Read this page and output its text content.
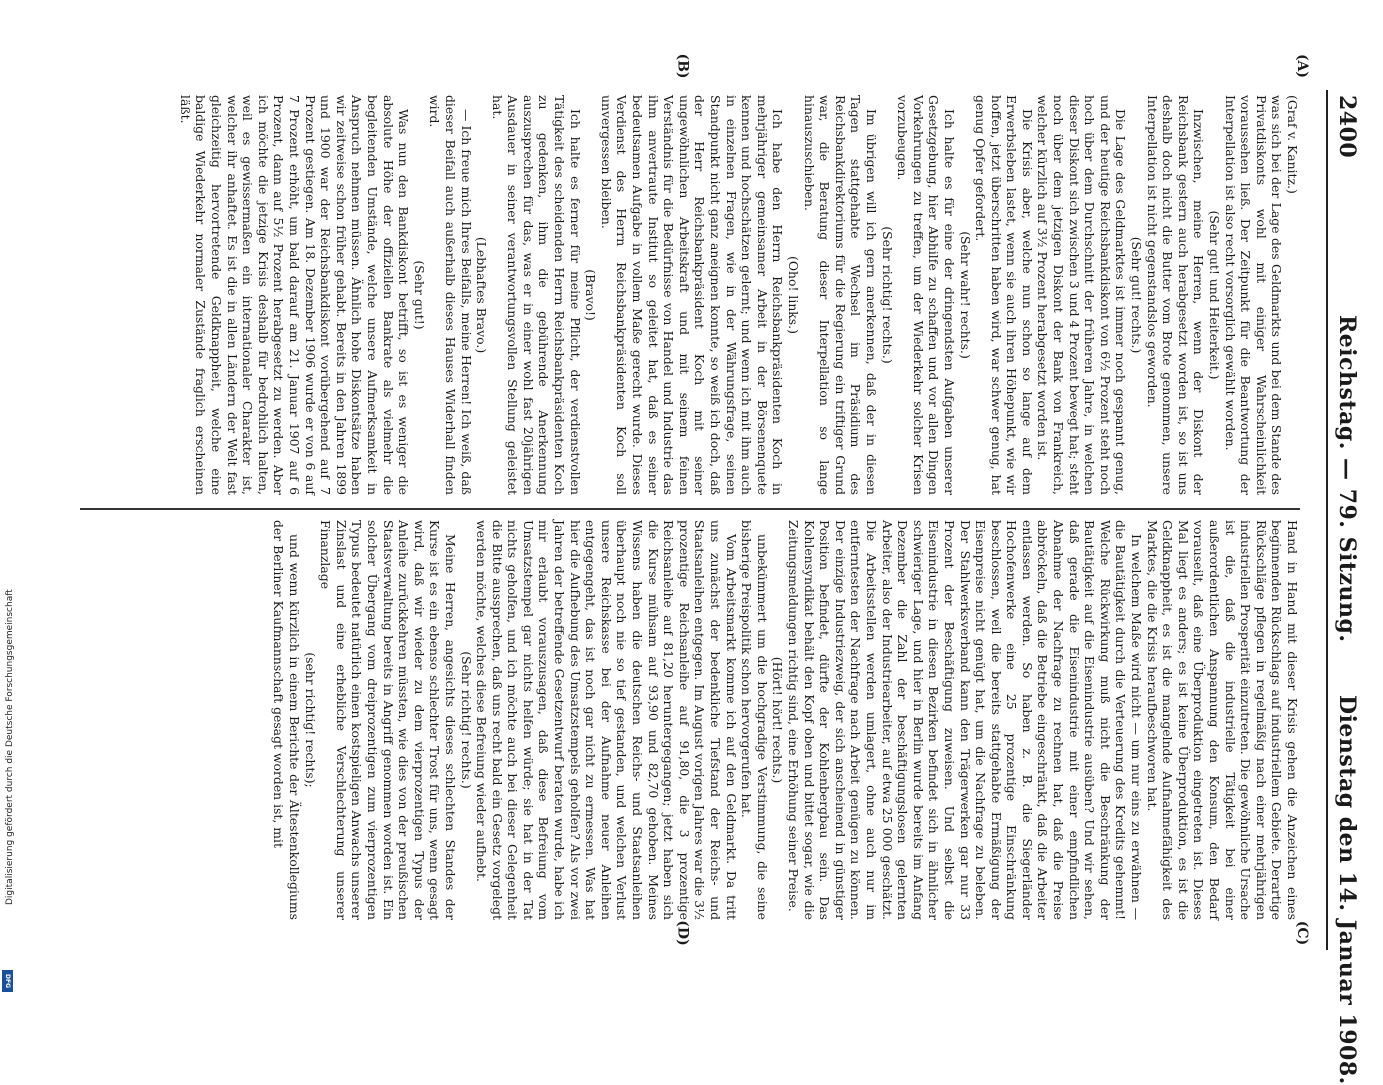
2400
Reichstag. — 79. Sitzung.
Dienstag den 14. Januar 1908.

(Graf v. Kanitz.)

was sich bei der Lage des Geldmarkts und bei dem Stande des Privatdiskonts wohl mit einiger Wahrscheinlichkeit voraussehen ließ. Der Zeitpunkt für die Beantwortung der Interpellation ist also recht vorsorglich gewählt worden.

(Sehr gut! und Heiterkeit.)

Inzwischen, meine Herren, wenn der Diskont der Reichsbank gestern auch herabgesetzt worden ist, so ist uns deshalb doch nicht die Butter vom Brote genommen, unsere Interpellation ist nicht gegenstandslos geworden.

(Sehr gut! rechts.)

Die Lage des Geldmarktes ist immer noch gespannt genug, und der heutige Reichsbankdiskont von 6½ Prozent steht noch hoch über dem Durchschnitt der früheren Jahre, in welchen dieser Diskont sich zwischen 3 und 4 Prozent bewegt hat; steht noch über dem jetzigen Diskont der Bank von Frankreich, welcher kürzlich auf 3½ Prozent herabgesetzt worden ist.

Die Krisis aber, welche nun schon so lange auf dem Erwerbsleben lastet, wenn sie auch ihren Höhepunkt, wie wir hoffen, jetzt überschritten haben wird, war schwer genug, hat genug Opfer gefordert.

(Sehr wahr! rechts.)

Ich halte es für eine der dringendsten Aufgaben unserer Gesetzgebung, hier Abhilfe zu schaffen und vor allen Dingen Vorkehrungen zu treffen, um der Wiederkehr solcher Krisen vorzubeugen.

(Sehr richtig! rechts.)

Im übrigen will ich gern anerkennen, daß der in diesen Tagen stattgehabte Wechsel im Präsidium des Reichsbankdirektoriums für die Regierung ein triftiger Grund war, die Beratung dieser Interpellation so lange hinauszuschieben.

(Oho! links.)

Ich habe den Herrn Reichsbankpräsidenten Koch in mehrjähriger gemeinsamer Arbeit in der Börsenenquete kennen und hochschätzen gelernt; und wenn ich mit ihm auch in einzelnen Fragen, wie in der Währungsfrage, seinen Standpunkt nicht ganz aneignen konnte, so weiß ich doch, daß der Herr Reichsbankpräsident Koch mit seiner ungewöhnlichen Arbeitskraft und mit seinem feinen Verständnis für die Bedürfnisse von Handel und Industrie das ihm anvertraute Institut so geleitet hat, daß es seiner bedeutsamen Aufgabe in vollem Maße gerecht wurde. Dieses Verdienst des Herrn Reichsbankpräsidenten Koch soll unvergessen bleiben.

(Bravo!)

Ich halte es ferner für meine Pflicht, der verdienstvollen Tätigkeit des scheidenden Herrn Reichsbankpräsidenten Koch zu gedenken, ihm die gebührende Anerkennung auszusprechen für das, was er in einer wohl fast 20jährigen Ausdauer in seiner verantwortungsvollen Stellung geleistet hat.

(Lebhaftes Bravo.)

— Ich freue mich Ihres Beifalls, meine Herren! Ich weiß, daß dieser Beifall auch außerhalb dieses Hauses Widerhall finden wird.

(Sehr gut!)

Was nun den Bankdiskont betrifft, so ist es weniger die absolute Höhe der offiziellen Bankrate als vielmehr die begleitenden Umstände, welche unsere Aufmerksamkeit in Anspruch nehmen müssen. Ähnlich hohe Diskontsätze haben wir zeitweise schon früher gehabt. Bereits in den Jahren 1899 und 1900 war der Reichsbankdiskont vorübergehend auf 7 Prozent gestiegen. Am 18. Dezember 1906 wurde er von 6 auf 7 Prozent erhöht, um bald darauf am 21. Januar 1907 auf 6 Prozent, dann auf 5½ Prozent herabgesetzt zu werden. Aber ich möchte die jetzige Krisis deshalb für bedrohlich halten, weil es gewissermaßen ein internationaler Charakter ist, welcher ihr anhaftet. Es ist die in allen Ländern der Welt fast gleichzeitig hervortretende Geldknappheit, welche eine baldige Wiederkehr normaler Zustände fraglich erscheinen läßt.

Hand in Hand mit dieser Krisis gehen die Anzeichen eines beginnenden Rückschlags auf industriellem Gebiete. Derartige Rückschläge pflegen in regelmäßig nach einer mehrjährigen industriellen Prosperität einzutreten. Die gewöhnliche Ursache ist die, daß die industrielle Tätigkeit bei einer außerordentlichen Anspannung den Konsum, den Bedarf vorauseilt, daß eine Überproduktion eingetreten ist. Dieses Mal liegt es anders; es ist keine Überproduktion, es ist die Geldknappheit, es ist die mangelnde Aufnahmefähigkeit des Marktes, die die Krisis heraufbeschworen hat.

In welchem Maße wird nicht — um nur eins zu erwähnen — die Bautätigkeit durch die Verteuerung des Kredits gehemmt! Welche Rückwirkung muß nicht die Beschränkung der Bautätigkeit auf die Eisenindustrie ausüben? Und wir sehen, daß gerade die Eisenindustrie mit einer empfindlichen Abnahme der Nachfrage zu rechnen hat, daß die Preise abbröckeln, daß die Betriebe eingeschränkt, daß die Arbeiter entlassen werden. So haben z. B. die Siegerländer Hochofenwerke eine 25 prozentige Einschränkung beschlossen, weil die bereits stattgehabte Ermäßigung der Eisenpreise nicht genügt hat, um die Nachfrage zu beleben. Der Stahlwerksverband kann den Trägerwerken gar nur 33 Prozent der Beschäftigung zuweisen. Und selbst die Eisenindustrie in diesen Bezirken befindet sich in ähnlicher schwieriger Lage, und hier in Berlin wurde bereits im Anfang Dezember die Zahl der beschäftigungslosen gelernten Arbeiter, also der Industriearbeiter, auf etwa 25 000 geschätzt. Die Arbeitsstellen werden umlagert, ohne auch nur im entferntesten der Nachfrage nach Arbeit genügen zu können. Der einzige Industriezweig, der sich anscheinend in günstiger Position befindet, dürfte der Kohlenbergbau sein. Das Kohlensyndikat behält den Kopf oben und bittet sogar, wie die Zeitungsmeldungen richtig sind, eine Erhöhung seiner Preise.

(Hört! hört! rechts.)

unbekümmert um die hochgradige Verstimmung, die seine bisherige Preispolitik schon hervorgerufen hat.

Vom Arbeitsmarkt komme ich auf den Geldmarkt. Da tritt uns zunächst der bedenkliche Tiefstand der Reichs- und Staatsanleihen entgegen. Im August vorigen Jahres war die 3½ prozentige Reichsanleihe auf 91,80, die 3 prozentige Reichsanleihe auf 81,20 heruntergegangen; jetzt haben sich die Kurse mühsam auf 93,90 und 82,70 gehoben. Meines Wissens haben die deutschen Reichs- und Staatsanleihen überhaupt noch nie so tief gestanden, und welchen Verlust unsere Reichskasse bei der Aufnahme neuer Anleihen entgegengeht, das ist noch gar nicht zu ermessen. Was hat hier die Aufhebung des Umsatzstempels geholfen? Als vor zwei Jahren der betreffende Gesetzentwurf beraten wurde, habe ich mir erlaubt vorauszusagen, daß diese Befreiung vom Umsatzstempel gar nichts helfen würde; sie hat in der Tat nichts geholfen, und ich möchte auch bei dieser Gelegenheit die Bitte aussprechen, daß uns recht bald ein Gesetz vorgelegt werden möchte, welches diese Befreiung wieder aufhebt.

(Sehr richtig! rechts.)

Meine Herren, angesichts dieses schlechten Standes der Kurse ist es ein ebenso schlechter Trost für uns, wenn gesagt wird, daß wir wieder zu dem vierprozentigen Typus der Anleihe zurückkehren müssten, wie dies von der preußischen Staatsverwaltung bereits in Angriff genommen worden ist. Ein solcher Übergang vom dreiprozentigen zum vierprozentigen Typus bedeutet natürlich einen kostspieligen Anwachs unserer Zinslast und eine erhebliche Verschlechterung unserer Finanzlage

(sehr richtig! rechts);

und wenn kürzlich in einem Berichte der Ältestenkollegiums der Berliner Kaufmannschaft gesagt worden ist, mit

(A)
(B)
(C)
(D)
Digitalisierung gefördert durch die Deutsche Forschungsgemeinschaft
DFG
